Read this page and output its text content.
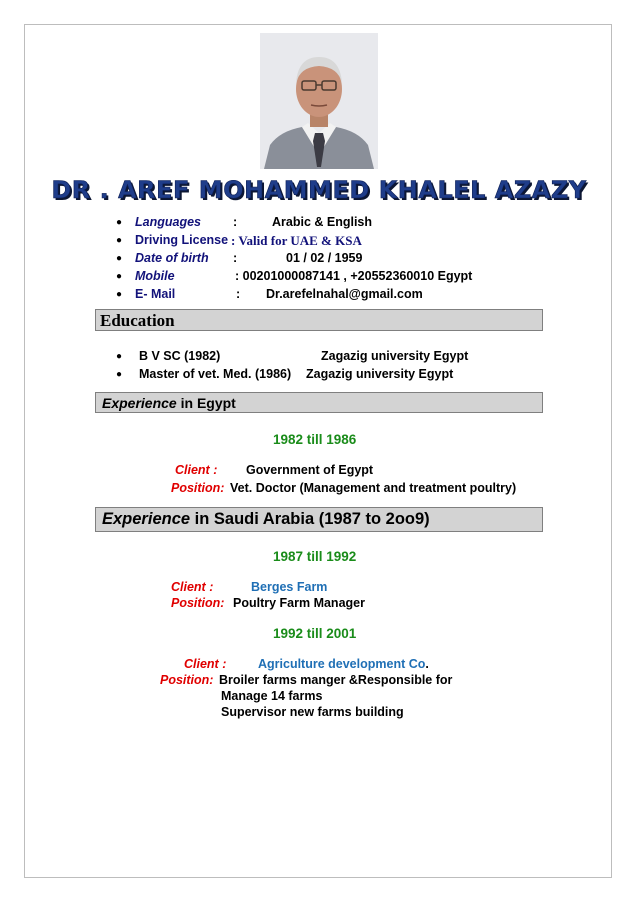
DR . AREF MOHAMMED KHALEL AZAZY
● Languages	:	Arabic & English
● Driving License : Valid for UAE & KSA
● Date of birth :	01 / 02 / 1959
● Mobile	: 00201000087141 , +20552360010 Egypt
● E- Mail	: Dr.arefelnahal@gmail.com
Education
● B V SC (1982)	Zagazig university Egypt
● Master of vet. Med. (1986) Zagazig university Egypt
Experience in Egypt
1982 till 1986
Client : Government of Egypt
Position: Vet. Doctor (Management and treatment poultry)
Experience in Saudi Arabia (1987 to 2oo9)
1987 till 1992
Client :	Berges Farm
Position: Poultry Farm Manager
1992 till 2001
Client :	Agriculture development Co.
Position: Broiler farms manger &Responsible for
Manage 14 farms
Supervisor new farms building
